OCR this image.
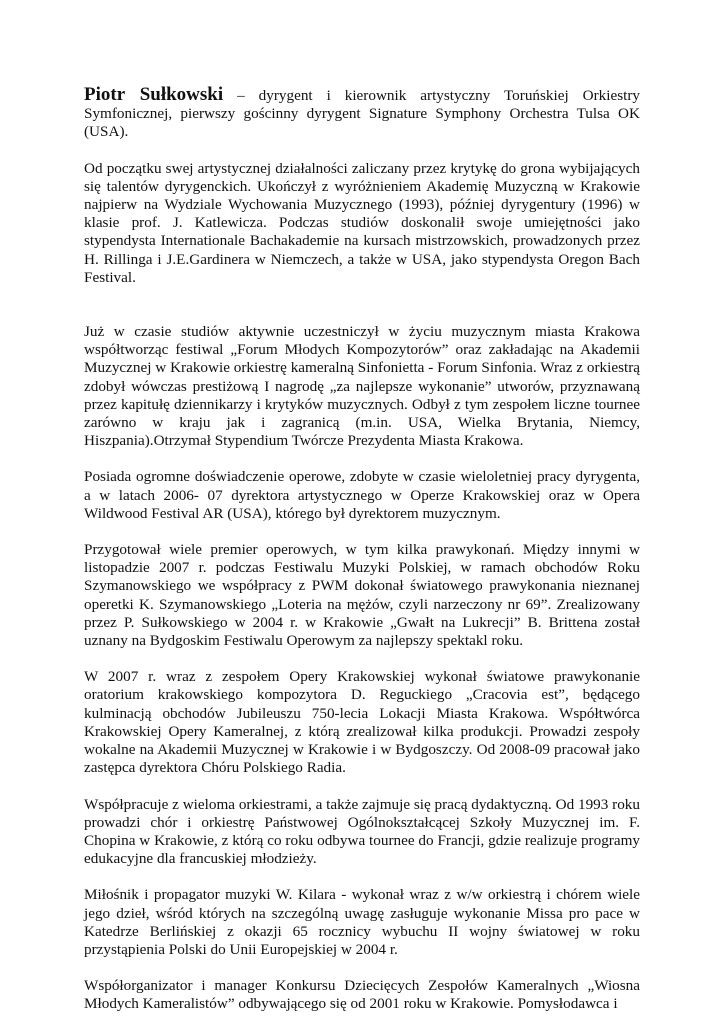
Piotr Sułkowski – dyrygent i kierownik artystyczny Toruńskiej Orkiestry Symfonicznej, pierwszy gościnny dyrygent Signature Symphony Orchestra Tulsa OK (USA).

Od początku swej artystycznej działalności zaliczany przez krytykę do grona wybijających się talentów dyrygenckich. Ukończył z wyróżnieniem Akademię Muzyczną w Krakowie najpierw na Wydziale Wychowania Muzycznego (1993), później dyrygentury (1996) w klasie prof. J. Katlewicza. Podczas studiów doskonalił swoje umiejętności jako stypendysta Internationale Bachakademie na kursach mistrzowskich, prowadzonych przez H. Rillinga i J.E.Gardinera w Niemczech, a także w USA, jako stypendysta Oregon Bach Festival.

Już w czasie studiów aktywnie uczestniczył w życiu muzycznym miasta Krakowa współtworząc festiwal „Forum Młodych Kompozytorów” oraz zakładając na Akademii Muzycznej w Krakowie orkiestrę kameralną Sinfonietta - Forum Sinfonia. Wraz z orkiestrą zdobył wówczas prestiżową I nagrodę „za najlepsze wykonanie” utworów, przyznawaną przez kapitułę dziennikarzy i krytyków muzycznych. Odbył z tym zespołem liczne tournee zarówno w kraju jak i zagranicą (m.in. USA, Wielka Brytania, Niemcy, Hiszpania).Otrzymał Stypendium Twórcze Prezydenta Miasta Krakowa.

Posiada ogromne doświadczenie operowe, zdobyte w czasie wieloletniej pracy dyrygenta, a w latach 2006- 07 dyrektora artystycznego w Operze Krakowskiej oraz w Opera Wildwood Festival AR (USA), którego był dyrektorem muzycznym.

Przygotował wiele premier operowych, w tym kilka prawykonań. Między innymi w listopadzie 2007 r. podczas Festiwalu Muzyki Polskiej, w ramach obchodów Roku Szymanowskiego we współpracy z PWM dokonał światowego prawykonania nieznanej operetki K. Szymanowskiego „Loteria na mężów, czyli narzeczony nr 69”. Zrealizowany przez P. Sułkowskiego w 2004 r. w Krakowie „Gwałt na Lukrecji” B. Brittena został uznany na Bydgoskim Festiwalu Operowym za najlepszy spektakl roku.

W 2007 r. wraz z zespołem Opery Krakowskiej wykonał światowe prawykonanie oratorium krakowskiego kompozytora D. Reguckiego „Cracovia est”, będącego kulminacją obchodów Jubileuszu 750-lecia Lokacji Miasta Krakowa. Współtwórca Krakowskiej Opery Kameralnej, z którą zrealizował kilka produkcji. Prowadzi zespoły wokalne na Akademii Muzycznej w Krakowie i w Bydgoszczy. Od 2008-09 pracował jako zastępca dyrektora Chóru Polskiego Radia.

Współpracuje z wieloma orkiestrami, a także zajmuje się pracą dydaktyczną. Od 1993 roku prowadzi chór i orkiestrę Państwowej Ogólnokształcącej Szkoły Muzycznej im. F. Chopina w Krakowie, z którą co roku odbywa tournee do Francji, gdzie realizuje programy edukacyjne dla francuskiej młodzieży.

Miłośnik i propagator muzyki W. Kilara - wykonał wraz z w/w orkiestrą i chórem wiele jego dzieł, wśród których na szczególną uwagę zasługuje wykonanie Missa pro pace w Katedrze Berlińskiej z okazji 65 rocznicy wybuchu II wojny światowej w roku przystąpienia Polski do Unii Europejskiej w 2004 r.

Współorganizator i manager Konkursu Dziecięcych Zespołów Kameralnych „Wiosna Młodych Kameralistów” odbywającego się od 2001 roku w Krakowie. Pomysłodawca i
